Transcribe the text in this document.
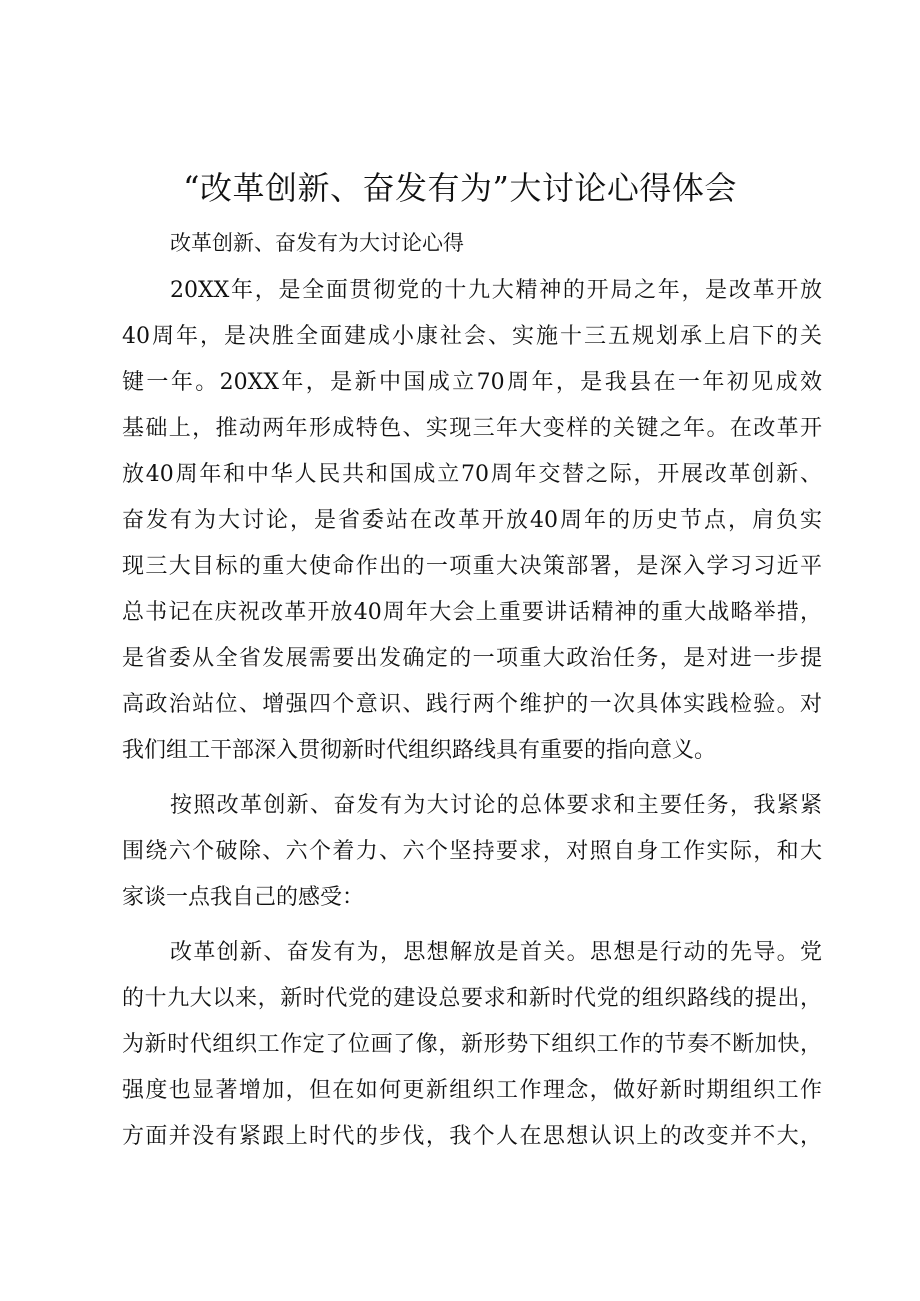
“改革创新、奋发有为”大讨论心得体会
改革创新、奋发有为大讨论心得
20XX年，是全面贯彻党的十九大精神的开局之年，是改革开放
40周年，是决胜全面建成小康社会、实施十三五规划承上启下的关
键一年。20XX年，是新中国成立70周年，是我县在一年初见成效
基础上，推动两年形成特色、实现三年大变样的关键之年。在改革开
放40周年和中华人民共和国成立70周年交替之际，开展改革创新、
奋发有为大讨论，是省委站在改革开放40周年的历史节点，肩负实
现三大目标的重大使命作出的一项重大决策部署，是深入学习习近平
总书记在庆祝改革开放40周年大会上重要讲话精神的重大战略举措，
是省委从全省发展需要出发确定的一项重大政治任务，是对进一步提
高政治站位、增强四个意识、践行两个维护的一次具体实践检验。对
我们组工干部深入贯彻新时代组织路线具有重要的指向意义。
按照改革创新、奋发有为大讨论的总体要求和主要任务，我紧紧
围绕六个破除、六个着力、六个坚持要求，对照自身工作实际，和大
家谈一点我自己的感受：
改革创新、奋发有为，思想解放是首关。思想是行动的先导。党
的十九大以来，新时代党的建设总要求和新时代党的组织路线的提出，
为新时代组织工作定了位画了像，新形势下组织工作的节奏不断加快，
强度也显著增加，但在如何更新组织工作理念，做好新时期组织工作
方面并没有紧跟上时代的步伐，我个人在思想认识上的改变并不大，
